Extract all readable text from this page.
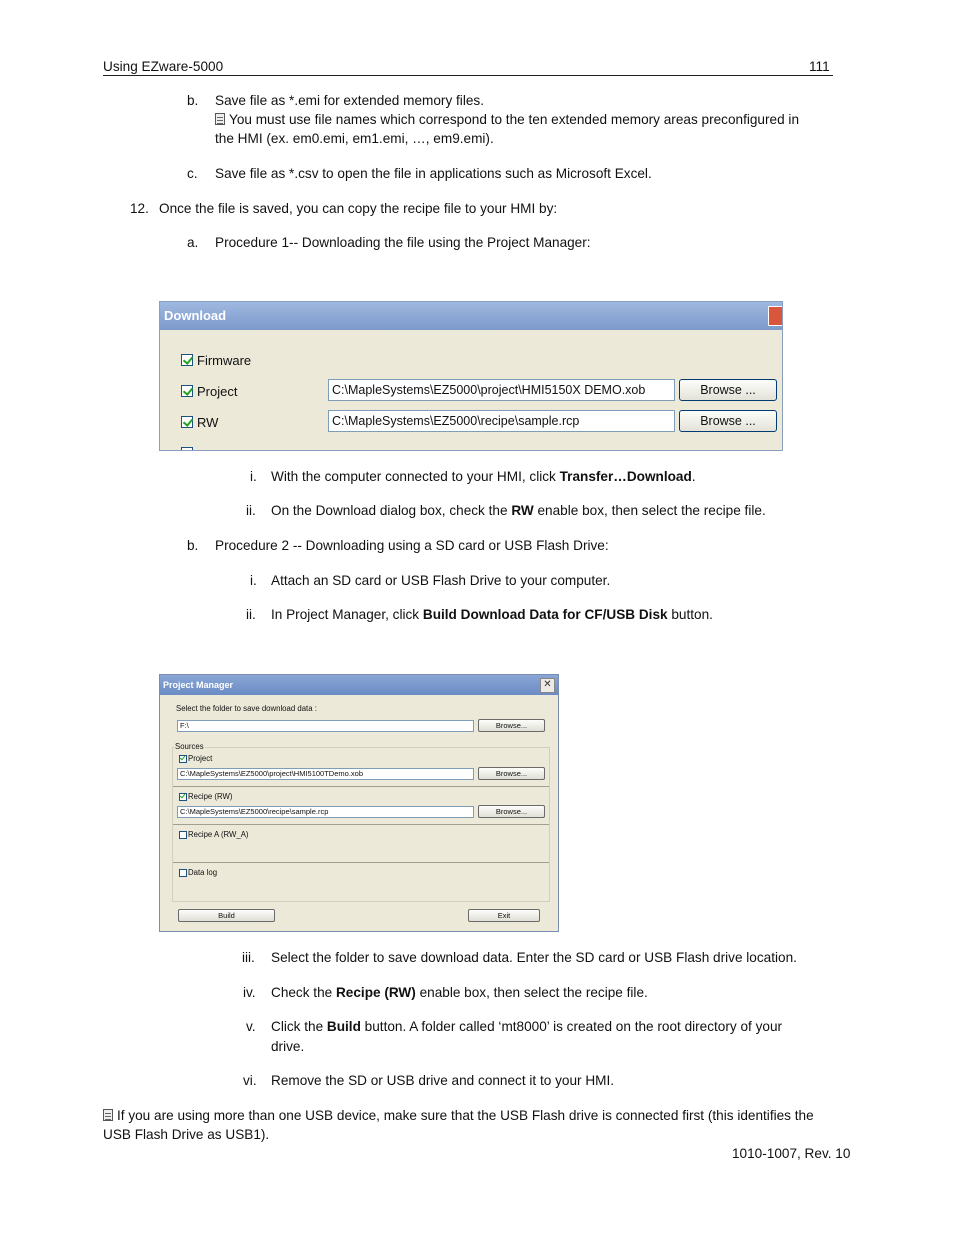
Using EZware-5000	111
b. Save file as *.emi for extended memory files.
You must use file names which correspond to the ten extended memory areas preconfigured in
the HMI (ex. em0.emi, em1.emi, …, em9.emi).
c. Save file as *.csv to open the file in applications such as Microsoft Excel.
12. Once the file is saved, you can copy the recipe file to your HMI by:
a. Procedure 1-- Downloading the file using the Project Manager:
Download
Firmware
Project	C:\MapleSystems\EZ5000\project\HMI5150X DEMO.xob	Browse ...
RW	C:\MapleSystems\EZ5000\recipe\sample.rcp	Browse ...
i. With the computer connected to your HMI, click Transfer…Download.
ii. On the Download dialog box, check the RW enable box, then select the recipe file.
b. Procedure 2 -- Downloading using a SD card or USB Flash Drive:
i. Attach an SD card or USB Flash Drive to your computer.
ii. In Project Manager, click Build Download Data for CF/USB Disk button.
Project Manager	✕
Select the folder to save download data :
F:\	Browse...
Sources
Project
C:\MapleSystems\EZ5000\project\HMI5100TDemo.xob	Browse...
Recipe (RW)
C:\MapleSystems\EZ5000\recipe\sample.rcp	Browse...
Recipe A (RW_A)
Data log
Build	Exit
iii. Select the folder to save download data. Enter the SD card or USB Flash drive location.
iv. Check the Recipe (RW) enable box, then select the recipe file.
v. Click the Build button. A folder called ‘mt8000’ is created on the root directory of your
drive.
vi. Remove the SD or USB drive and connect it to your HMI.
If you are using more than one USB device, make sure that the USB Flash drive is connected first (this identifies the
USB Flash Drive as USB1).
1010-1007, Rev. 10
